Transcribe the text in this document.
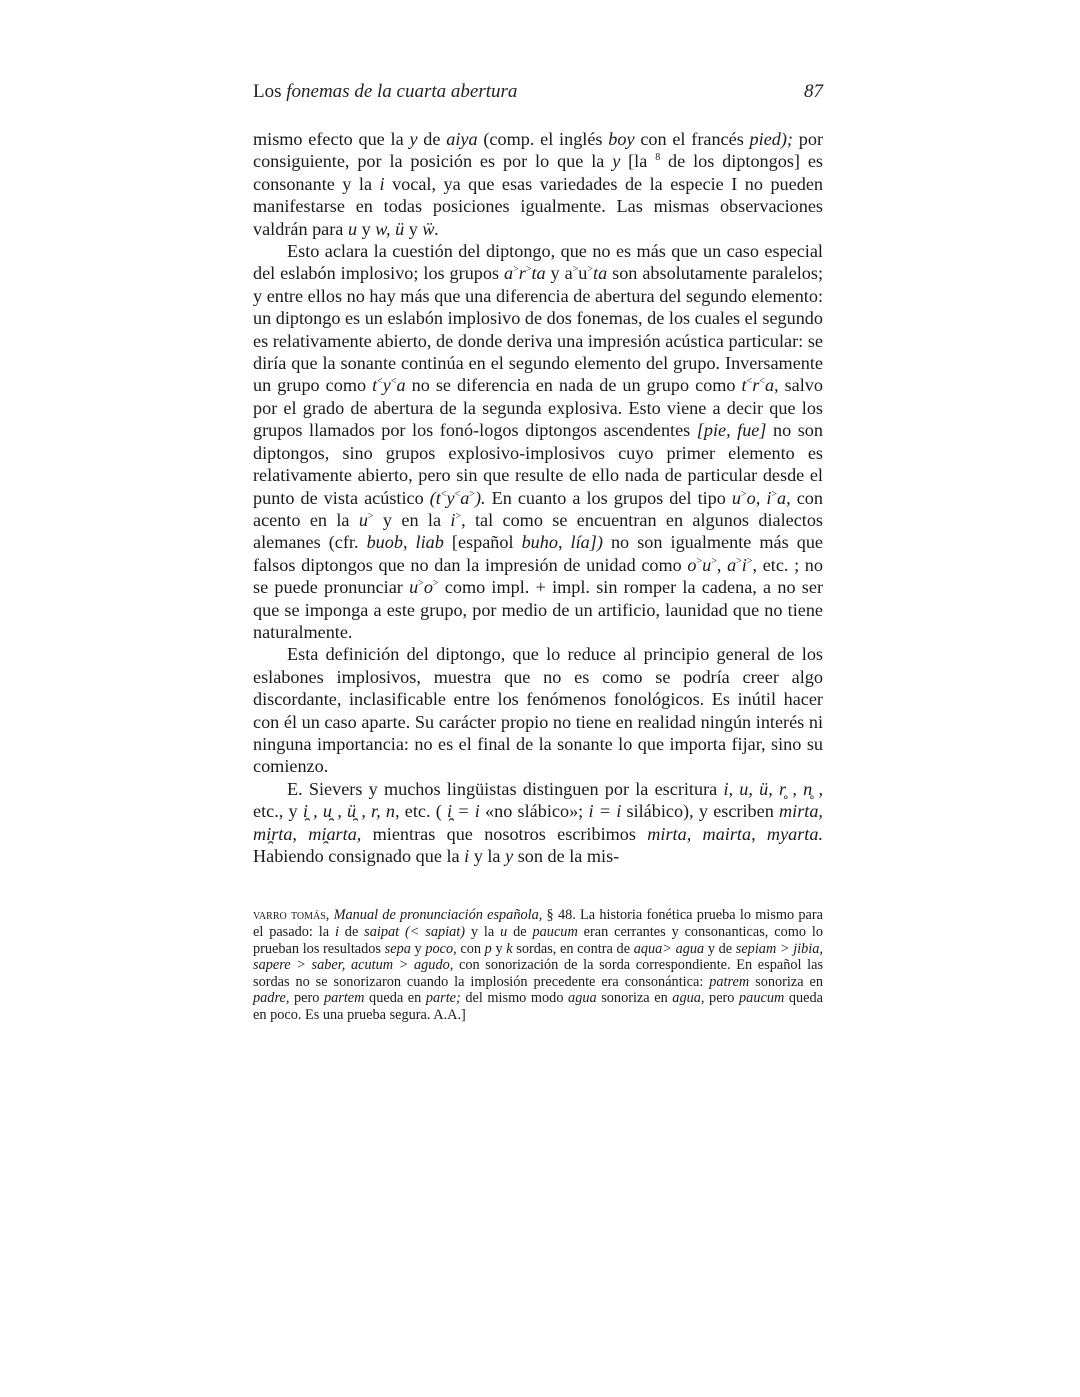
Los fonemas de la cuarta abertura	87

mismo efecto que la y de aiya (comp. el inglés boy con el francés pied); por consiguiente, por la posición es por lo que la y [la $^8$ de los diptongos] es consonante y la i vocal, ya que esas variedades de la especie I no pueden manifestarse en todas posiciones igualmente. Las mismas observaciones valdrán para u y w, ü y ẅ.

Esto aclara la cuestión del diptongo, que no es más que un caso especial del eslabón implosivo; los grupos a>r>ta y a>u>ta son absolutamente paralelos; y entre ellos no hay más que una diferencia de abertura del segundo elemento: un diptongo es un eslabón implosivo de dos fonemas, de los cuales el segundo es relativamente abierto, de donde deriva una impresión acústica particular: se diría que la sonante continúa en el segundo elemento del grupo. Inversamente un grupo como t<y<a no se diferencia en nada de un grupo como t<r<a, salvo por el grado de abertura de la segunda explosiva. Esto viene a decir que los grupos llamados por los fonó-logos diptongos ascendentes [pie, fue] no son diptongos, sino grupos explosivo-implosivos cuyo primer elemento es relativamente abierto, pero sin que resulte de ello nada de particular desde el punto de vista acústico (t<y<a>). En cuanto a los grupos del tipo u>o, i>a, con acento en la u> y en la i>, tal como se encuentran en algunos dialectos alemanes (cfr. buob, liab [español buho, lía]) no son igualmente más que falsos diptongos que no dan la impresión de unidad como o>u>, a>i>, etc. ; no se puede pronunciar u>o> como impl. + impl. sin romper la cadena, a no ser que se imponga a este grupo, por medio de un artificio, launidad que no tiene naturalmente.

Esta definición del diptongo, que lo reduce al principio general de los eslabones implosivos, muestra que no es como se podría creer algo discordante, inclasificable entre los fenómenos fonológicos. Es inútil hacer con él un caso aparte. Su carácter propio no tiene en realidad ningún interés ni ninguna importancia: no es el final de la sonante lo que importa fijar, sino su comienzo.

E. Sievers y muchos lingüistas distinguen por la escritura i, u, ü, r̥ , n̥ , etc., y i̯ , u̯ , ü̯ , r, n, etc. ( i̯ = i «no slábico»; i = i silábico), y escriben mirta, mi̯rta, mi̯arta, mientras que nosotros escribimos mirta, mairta, myarta. Habiendo consignado que la i y la y son de la mis-

varro tomás, Manual de pronunciación española, § 48. La historia fonética prueba lo mismo para el pasado: la i de saipat (< sapiat) y la u de paucum eran cerrantes y consonanticas, como lo prueban los resultados sepa y poco, con p y k sordas, en contra de aqua> agua y de sepiam > jibia, sapere > saber, acutum > agudo, con sonorización de la sorda correspondiente. En español las sordas no se sonorizaron cuando la implosión precedente era consonántica: patrem sonoriza en padre, pero partem queda en parte; del mismo modo agua sonoriza en agua, pero paucum queda en poco. Es una prueba segura. A.A.]
